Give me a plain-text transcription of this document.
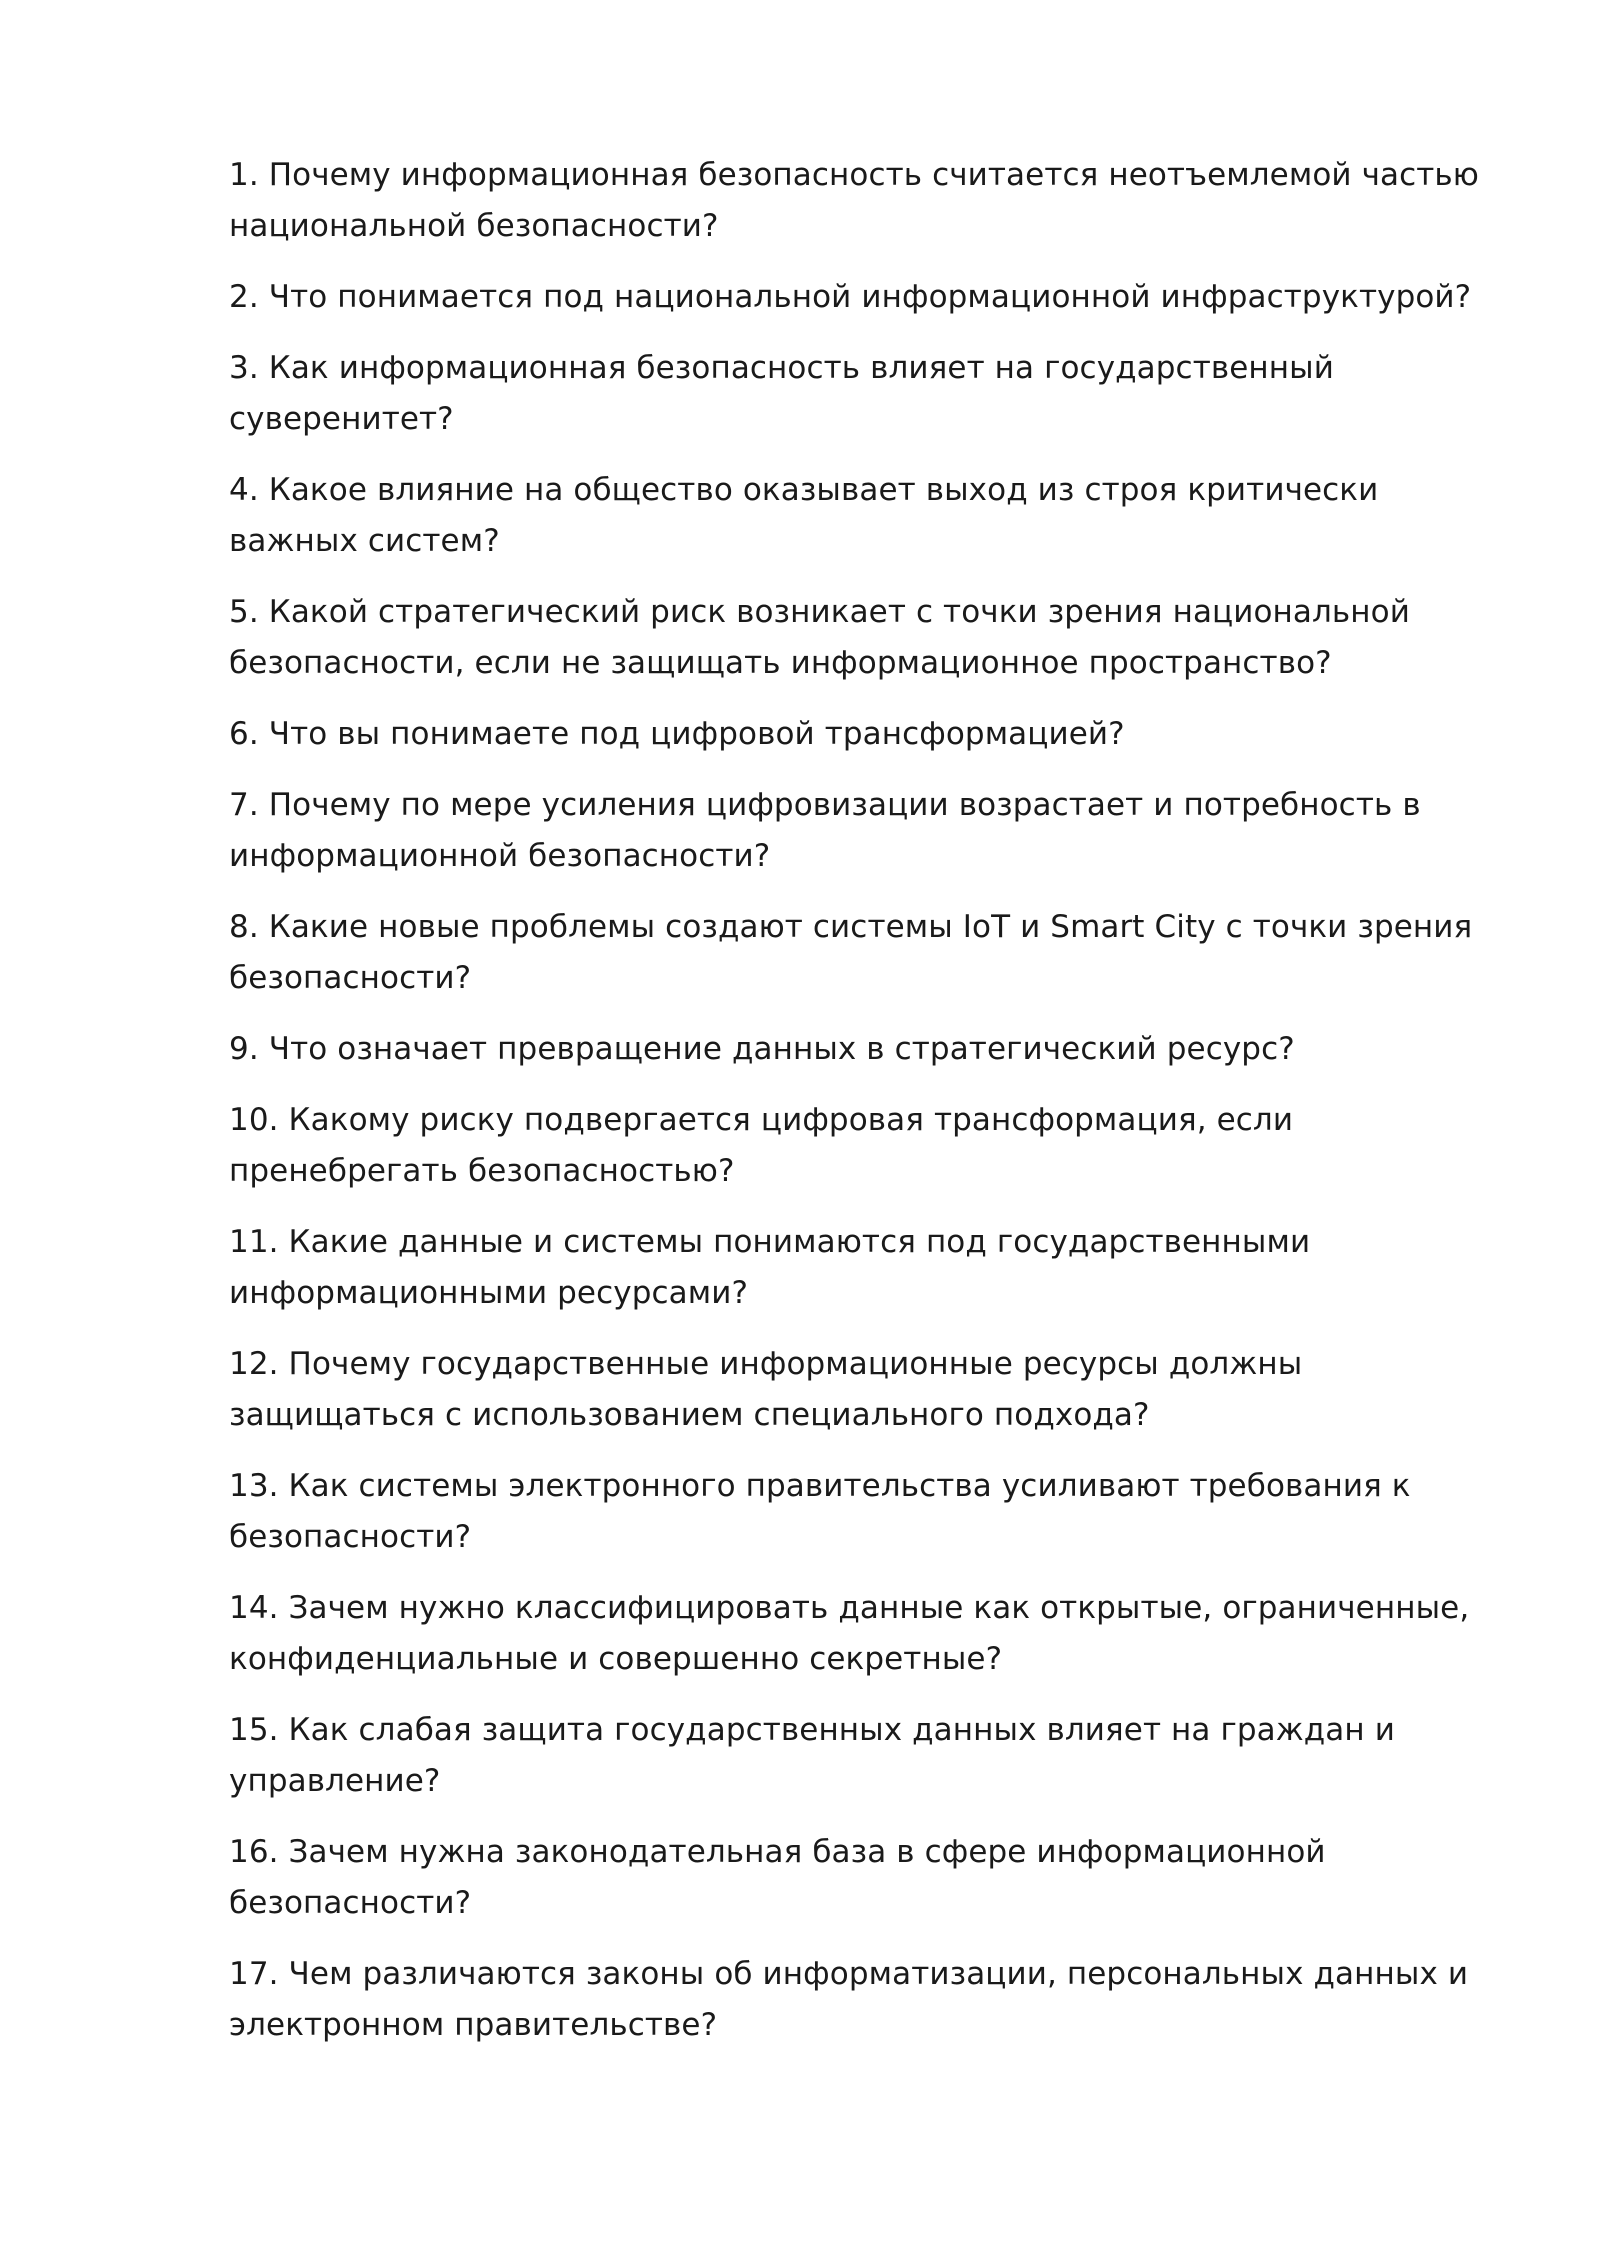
1. Почему информационная безопасность считается неотъемлемой частью национальной безопасности?
2. Что понимается под национальной информационной инфраструктурой?
3. Как информационная безопасность влияет на государственный суверенитет?
4. Какое влияние на общество оказывает выход из строя критически важных систем?
5. Какой стратегический риск возникает с точки зрения национальной безопасности, если не защищать информационное пространство?
6. Что вы понимаете под цифровой трансформацией?
7. Почему по мере усиления цифровизации возрастает и потребность в информационной безопасности?
8. Какие новые проблемы создают системы IoT и Smart City с точки зрения безопасности?
9. Что означает превращение данных в стратегический ресурс?
10. Какому риску подвергается цифровая трансформация, если пренебрегать безопасностью?
11. Какие данные и системы понимаются под государственными информационными ресурсами?
12. Почему государственные информационные ресурсы должны защищаться с использованием специального подхода?
13. Как системы электронного правительства усиливают требования к безопасности?
14. Зачем нужно классифицировать данные как открытые, ограниченные, конфиденциальные и совершенно секретные?
15. Как слабая защита государственных данных влияет на граждан и управление?
16. Зачем нужна законодательная база в сфере информационной безопасности?
17. Чем различаются законы об информатизации, персональных данных и электронном правительстве?
